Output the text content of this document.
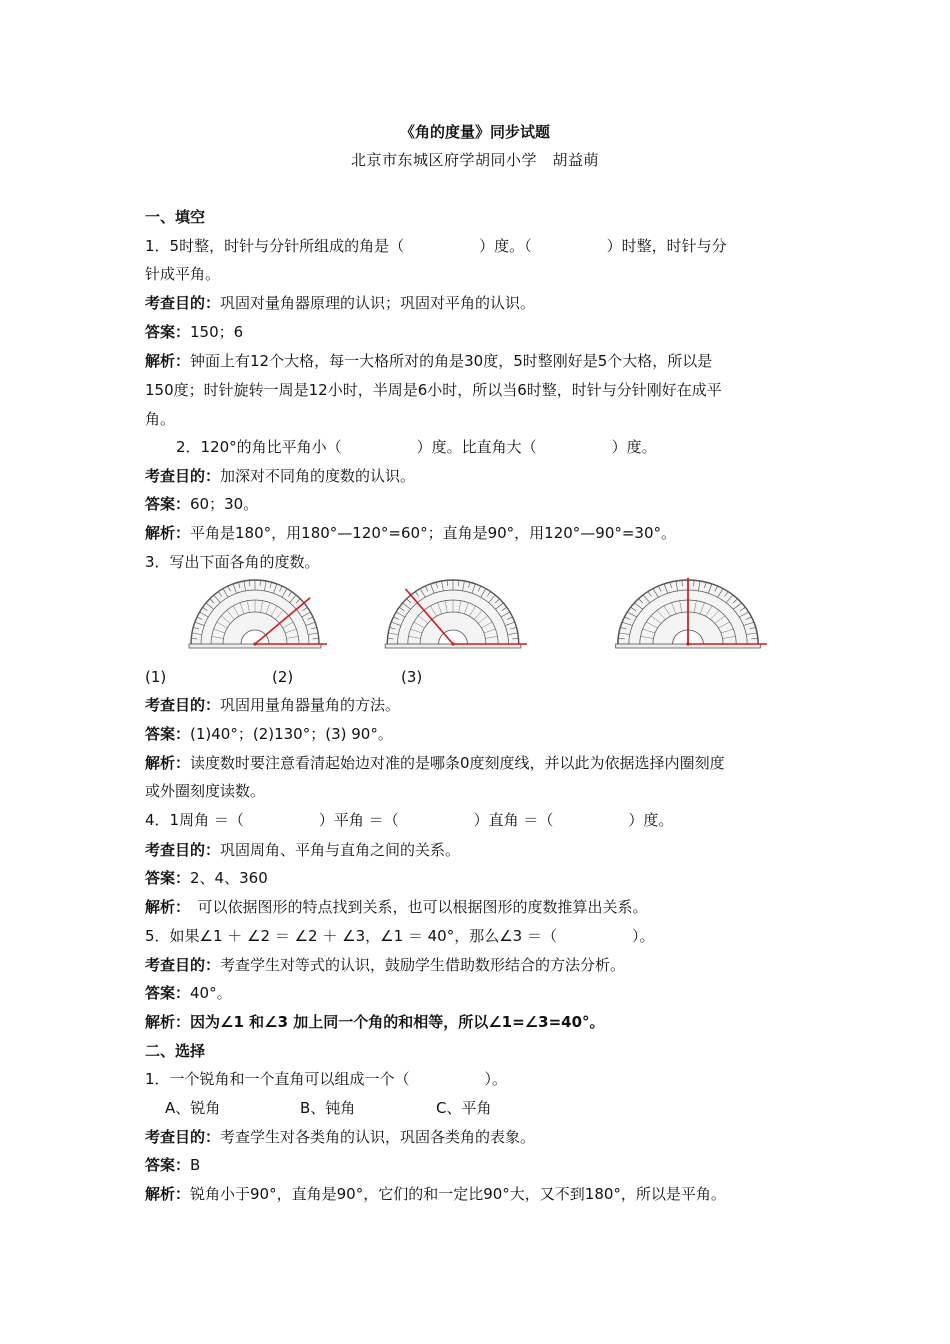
《角的度量》同步试题
北京市东城区府学胡同小学　胡益萌
一、填空
1．5时整，时针与分针所组成的角是（　　　　　）度。（　　　　　）时整，时针与分
针成平角。
考查目的：巩固对量角器原理的认识；巩固对平角的认识。
答案：150；6
解析：钟面上有12个大格，每一大格所对的角是30度，5时整刚好是5个大格，所以是
150度；时针旋转一周是12小时，半周是6小时，所以当6时整，时针与分针刚好在成平
角。
2．120°的角比平角小（　　　　　）度。比直角大（　　　　　）度。
考查目的：加深对不同角的度数的认识。
答案：60；30。
解析：平角是180°，用180°—120°=60°；直角是90°，用120°—90°=30°。
3．写出下面各角的度数。
(1)	(2)	(3)
考查目的：巩固用量角器量角的方法。
答案：(1)40°；(2)130°；(3) 90°。
解析：读度数时要注意看清起始边对准的是哪条0度刻度线，并以此为依据选择内圈刻度
或外圈刻度读数。
4．1周角 ＝（　　　　　）平角 ＝（　　　　　）直角 ＝（　　　　　）度。
考查目的：巩固周角、平角与直角之间的关系。
答案：2、4、360
解析：　可以依据图形的特点找到关系，也可以根据图形的度数推算出关系。
5．如果∠1 ＋ ∠2 ＝ ∠2 ＋ ∠3，∠1 ＝ 40°，那么∠3 ＝（　　　　　）。
考查目的：考查学生对等式的认识，鼓励学生借助数形结合的方法分析。
答案：40°。
解析：因为∠1 和∠3 加上同一个角的和相等，所以∠1=∠3=40°。
二、选择
1．一个锐角和一个直角可以组成一个（　　　　　）。
A、锐角	B、钝角	C、平角
考查目的：考查学生对各类角的认识，巩固各类角的表象。
答案：B
解析：锐角小于90°，直角是90°，它们的和一定比90°大，又不到180°，所以是平角。
